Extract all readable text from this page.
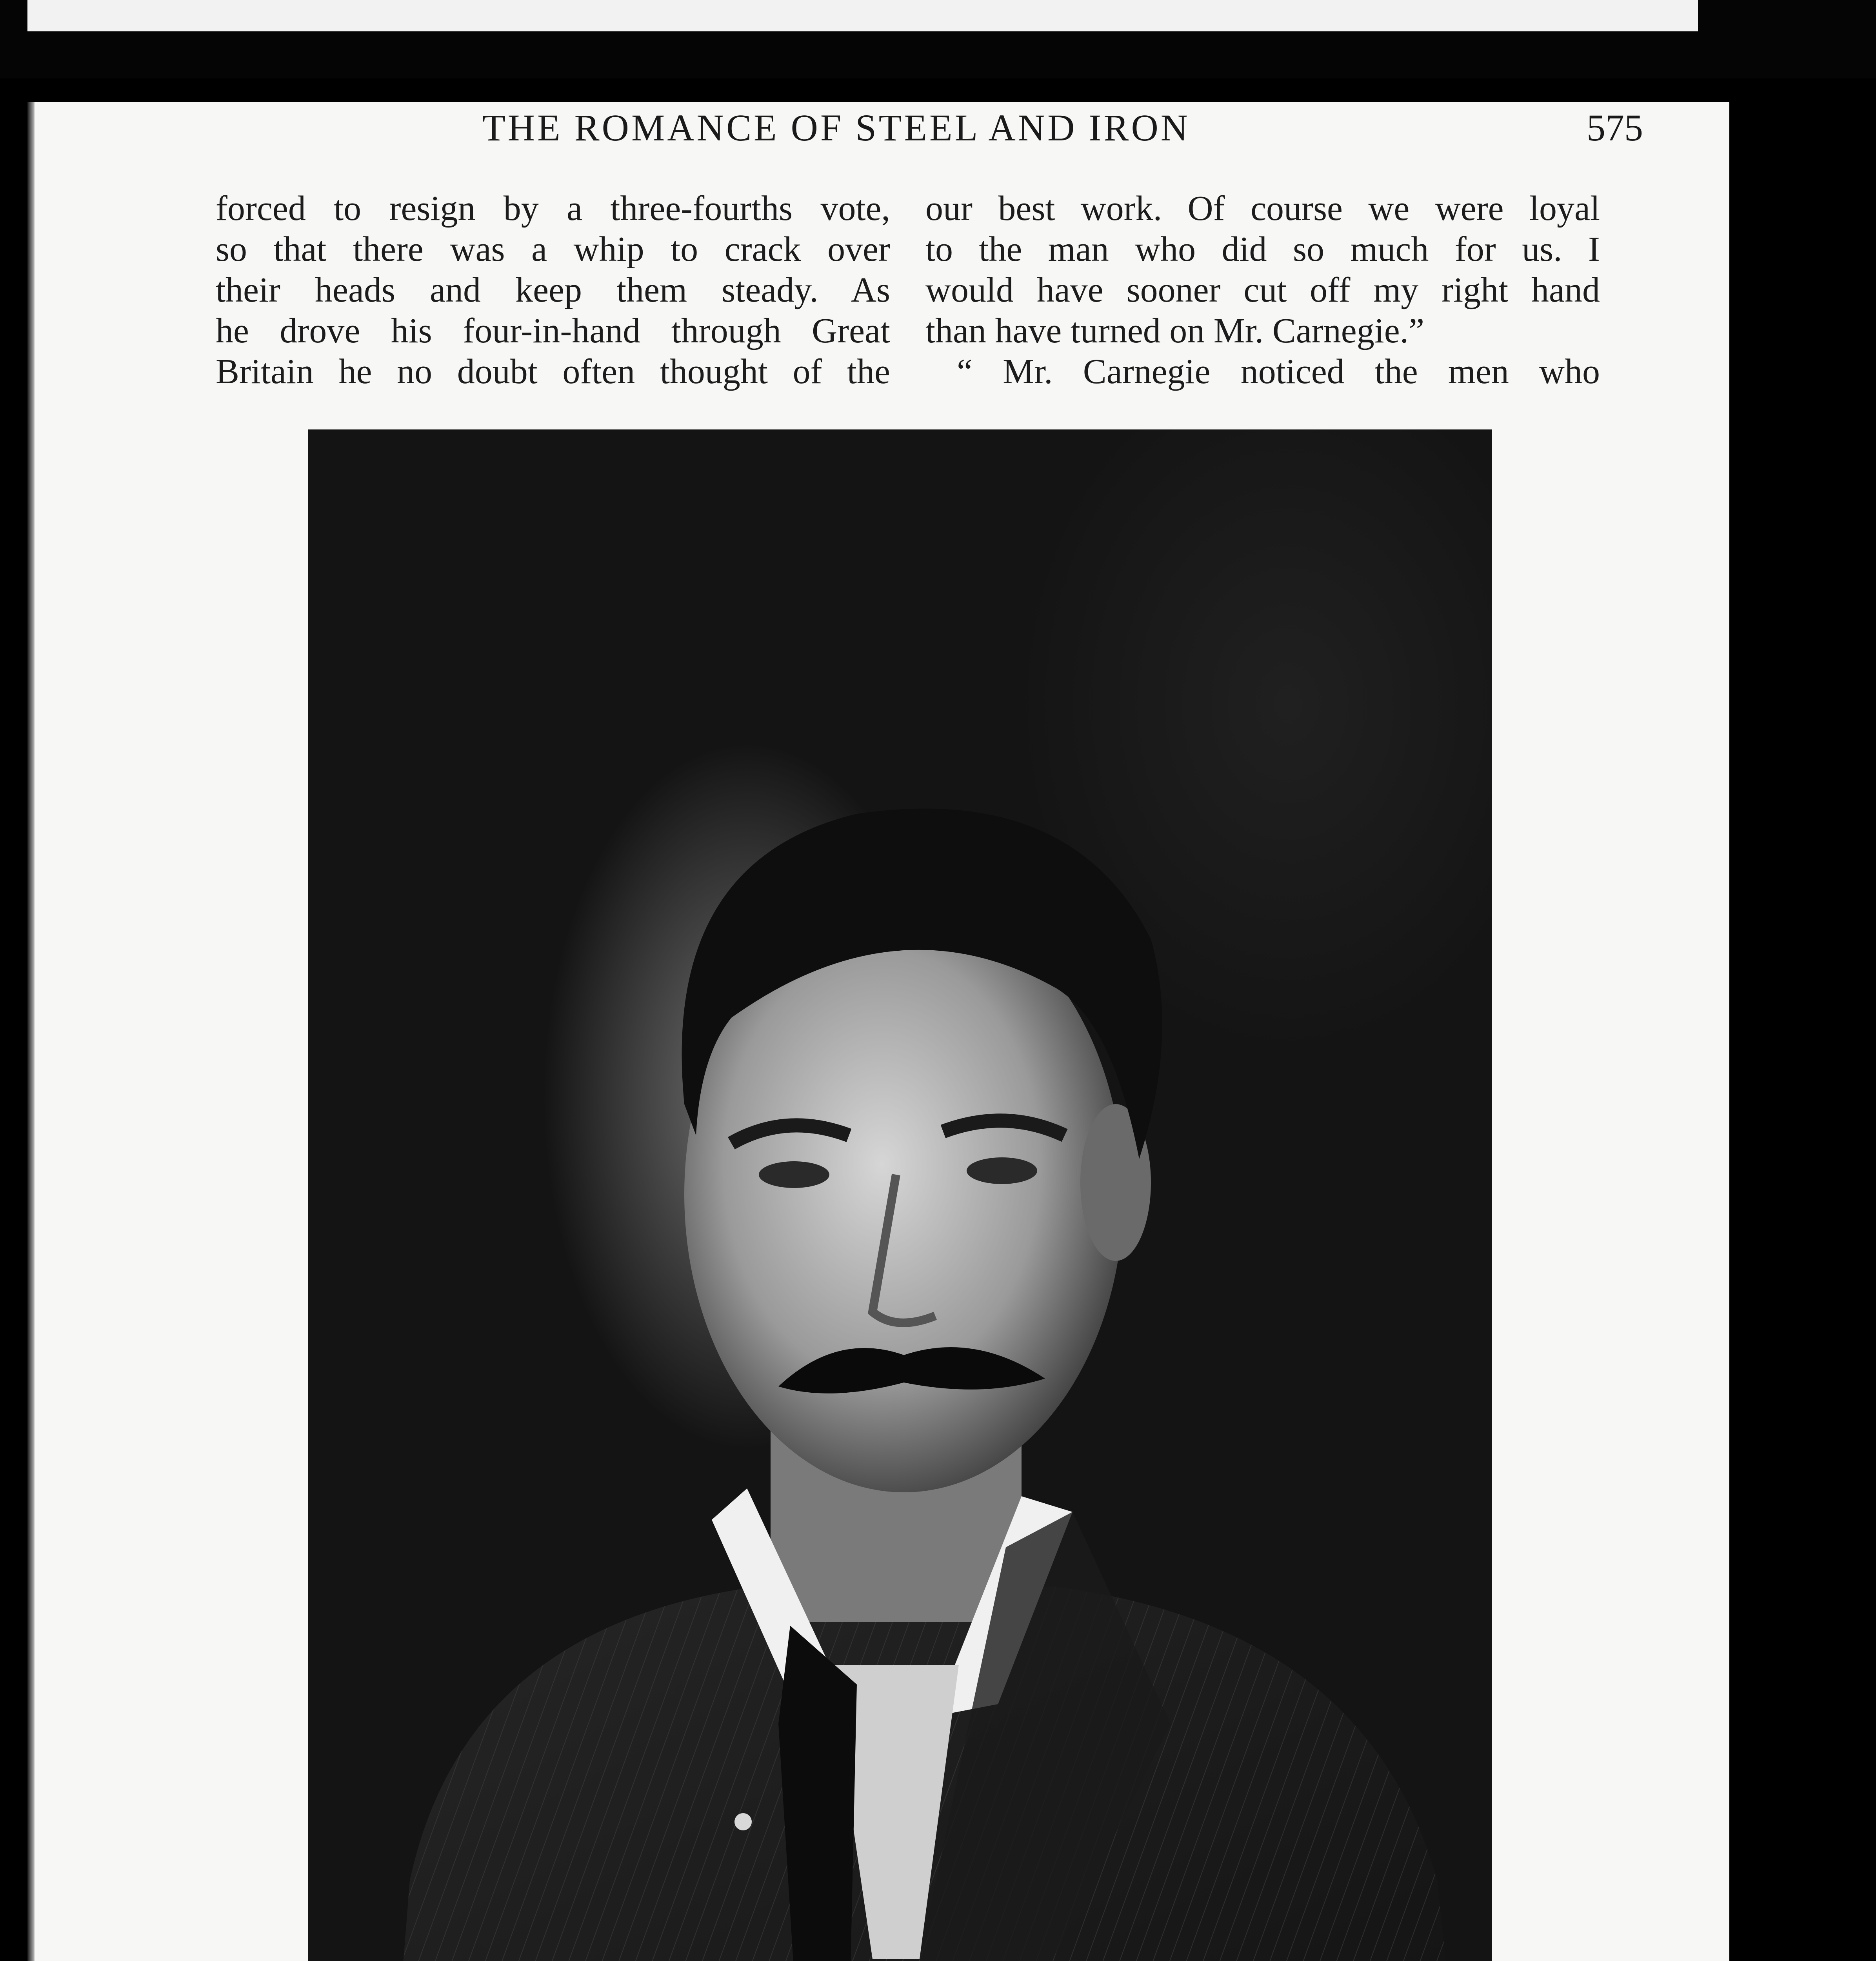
THE ROMANCE OF STEEL AND IRON	575
forced to resign by a three-fourths vote,
so that there was a whip to crack over
their heads and keep them steady. As
he drove his four-in-hand through Great
Britain he no doubt often thought of the
our best work. Of course we were loyal
to the man who did so much for us. I
would have sooner cut off my right hand
than have turned on Mr. Carnegie.”
“ Mr. Carnegie noticed the men who
